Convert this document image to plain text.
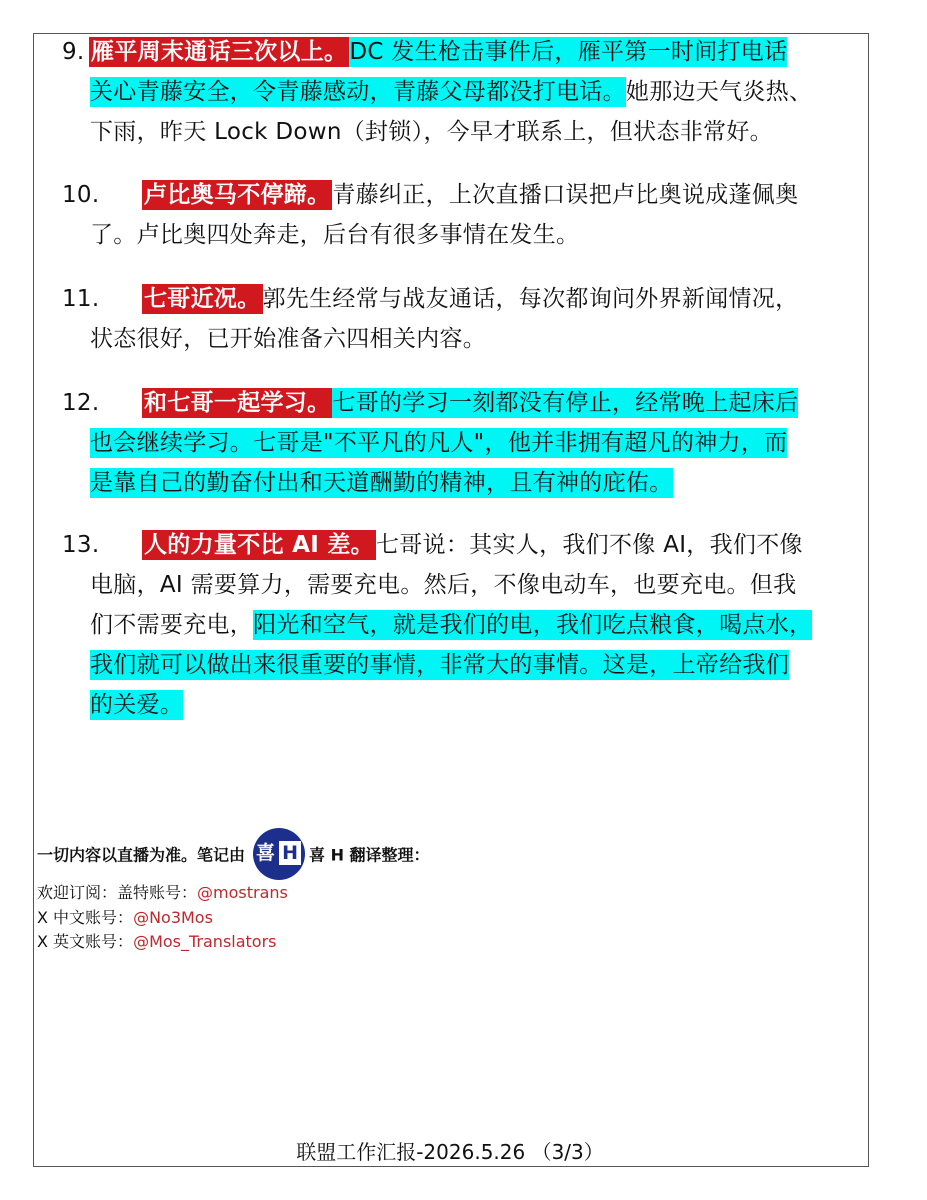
9. 雁平周末通话三次以上。DC 发生枪击事件后，雁平第一时间打电话
关心青藤安全，令青藤感动，青藤父母都没打电话。她那边天气炎热、
下雨，昨天 Lock Down（封锁），今早才联系上，但状态非常好。
10. 卢比奥马不停蹄。青藤纠正，上次直播口误把卢比奥说成蓬佩奥
了。卢比奥四处奔走，后台有很多事情在发生。
11. 七哥近况。郭先生经常与战友通话，每次都询问外界新闻情况，
状态很好，已开始准备六四相关内容。
12. 和七哥一起学习。七哥的学习一刻都没有停止，经常晚上起床后
也会继续学习。七哥是"不平凡的凡人"，他并非拥有超凡的神力，而
是靠自己的勤奋付出和天道酬勤的精神，且有神的庇佑。
13. 人的力量不比 AI 差。七哥说：其实人，我们不像 AI，我们不像
电脑，AI 需要算力，需要充电。然后，不像电动车，也要充电。但我
们不需要充电，阳光和空气，就是我们的电，我们吃点粮食，喝点水，
我们就可以做出来很重要的事情，非常大的事情。这是，上帝给我们
的关爱。
一切内容以直播为准。笔记由 喜 H 喜 H 翻译整理：
欢迎订阅：盖特账号：@mostrans
X 中文账号：@No3Mos
X 英文账号：@Mos_Translators
联盟工作汇报-2026.5.26 （3/3）
